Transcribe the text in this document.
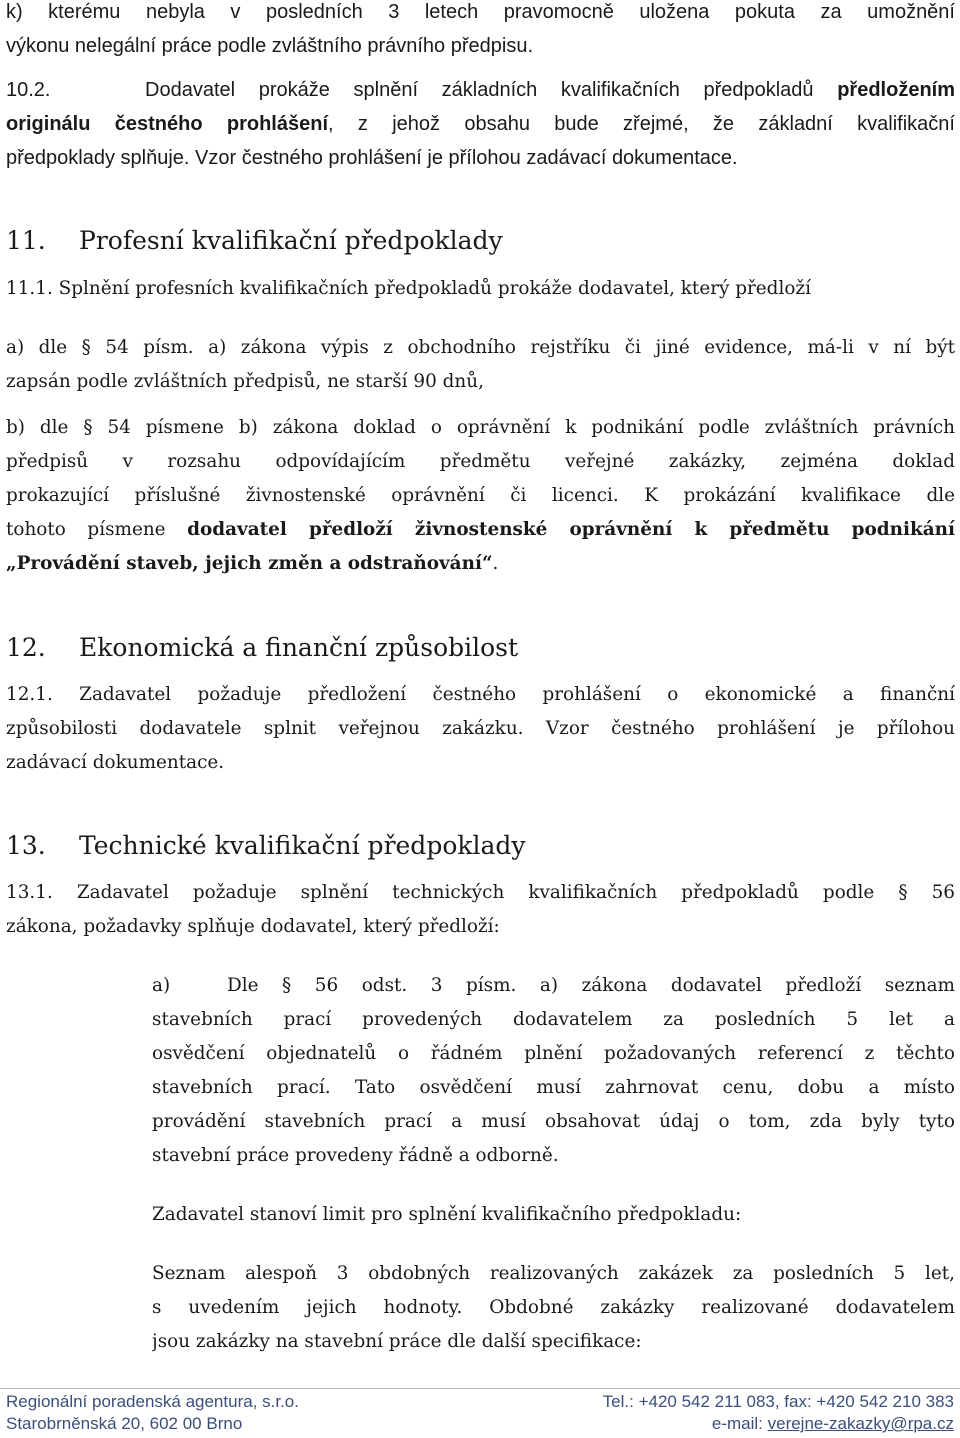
k) kterému nebyla v posledních 3 letech pravomocně uložena pokuta za umožnění
výkonu nelegální práce podle zvláštního právního předpisu.
10.2.	Dodavatel prokáže splnění základních kvalifikačních předpokladů předložením
originálu čestného prohlášení, z jehož obsahu bude zřejmé, že základní kvalifikační
předpoklady splňuje. Vzor čestného prohlášení je přílohou zadávací dokumentace.
11. Profesní kvalifikační předpoklady
11.1. Splnění profesních kvalifikačních předpokladů prokáže dodavatel, který předloží
a) dle § 54 písm. a) zákona výpis z obchodního rejstříku či jiné evidence, má-li v ní být
zapsán podle zvláštních předpisů, ne starší 90 dnů,
b) dle § 54 písmene b) zákona doklad o oprávnění k podnikání podle zvláštních právních
předpisů v rozsahu odpovídajícím předmětu veřejné zakázky, zejména doklad
prokazující příslušné živnostenské oprávnění či licenci. K prokázání kvalifikace dle
tohoto písmene dodavatel předloží živnostenské oprávnění k předmětu podnikání
„Provádění staveb, jejich změn a odstraňování“.
12. Ekonomická a finanční způsobilost
12.1. Zadavatel požaduje předložení čestného prohlášení o ekonomické a finanční
způsobilosti dodavatele splnit veřejnou zakázku. Vzor čestného prohlášení je přílohou
zadávací dokumentace.
13. Technické kvalifikační předpoklady
13.1. Zadavatel požaduje splnění technických kvalifikačních předpokladů podle § 56
zákona, požadavky splňuje dodavatel, který předloží:
a)	Dle § 56 odst. 3 písm. a) zákona dodavatel předloží seznam
stavebních prací provedených dodavatelem za posledních 5 let a
osvědčení objednatelů o řádném plnění požadovaných referencí z těchto
stavebních prací. Tato osvědčení musí zahrnovat cenu, dobu a místo
provádění stavebních prací a musí obsahovat údaj o tom, zda byly tyto
stavební práce provedeny řádně a odborně.
Zadavatel stanoví limit pro splnění kvalifikačního předpokladu:
Seznam alespoň 3 obdobných realizovaných zakázek za posledních 5 let,
s uvedením jejich hodnoty. Obdobné zakázky realizované dodavatelem
jsou zakázky na stavební práce dle další specifikace:
Regionální poradenská agentura, s.r.o.
Starobrněnská 20, 602 00 Brno
Tel.: +420 542 211 083, fax: +420 542 210 383
e-mail: verejne-zakazky@rpa.cz
